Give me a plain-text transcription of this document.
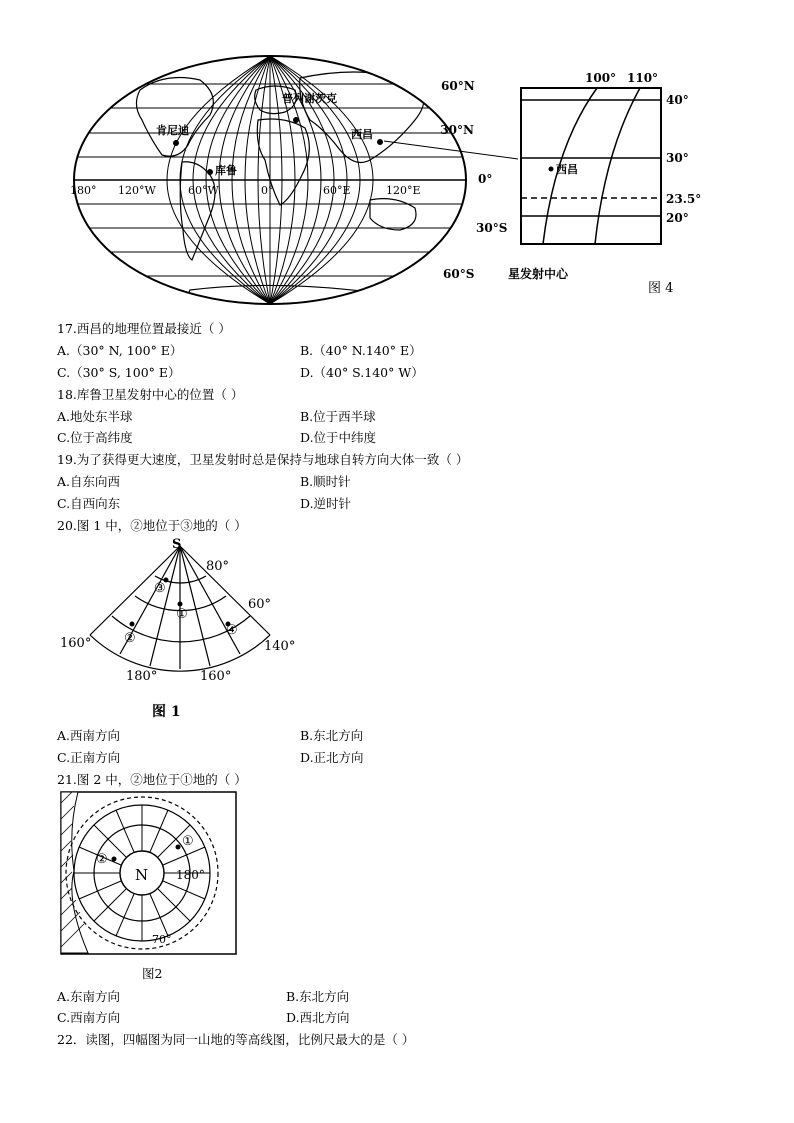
肯尼迪
普列谢茨克
西昌
库鲁
60°N
30°N
0°
30°S
60°S
180° 120°W	60°W	0°	60°E	120°E
100° 110°
西昌
40°
30°
23.5°
20°
星发射中心
图 4
17.西昌的地理位置最接近（ ）
A.（30° N, 100° E）	B.（40° N.140° E）
C.（30° S, 100° E）	D.（40° S.140° W）
18.库鲁卫星发射中心的位置（ ）
A.地处东半球	B.位于西半球
C.位于高纬度	D.位于中纬度
19.为了获得更大速度，卫星发射时总是保持与地球自转方向大体一致（ ）
A.自东向西	B.顺时针
C.自西向东	D.逆时针
20.图 1 中，②地位于③地的（ ）
S
①
②
③
④
80°
60°
160°	140°
180°	160°
图 1
A.西南方向	B.东北方向
C.正南方向	D.正北方向
21.图 2 中，②地位于①地的（ ）
N 180°
70°
①
②
图2
A.东南方向	B.东北方向
C.西南方向	D.西北方向
22．读图，四幅图为同一山地的等高线图，比例尺最大的是（ ）
